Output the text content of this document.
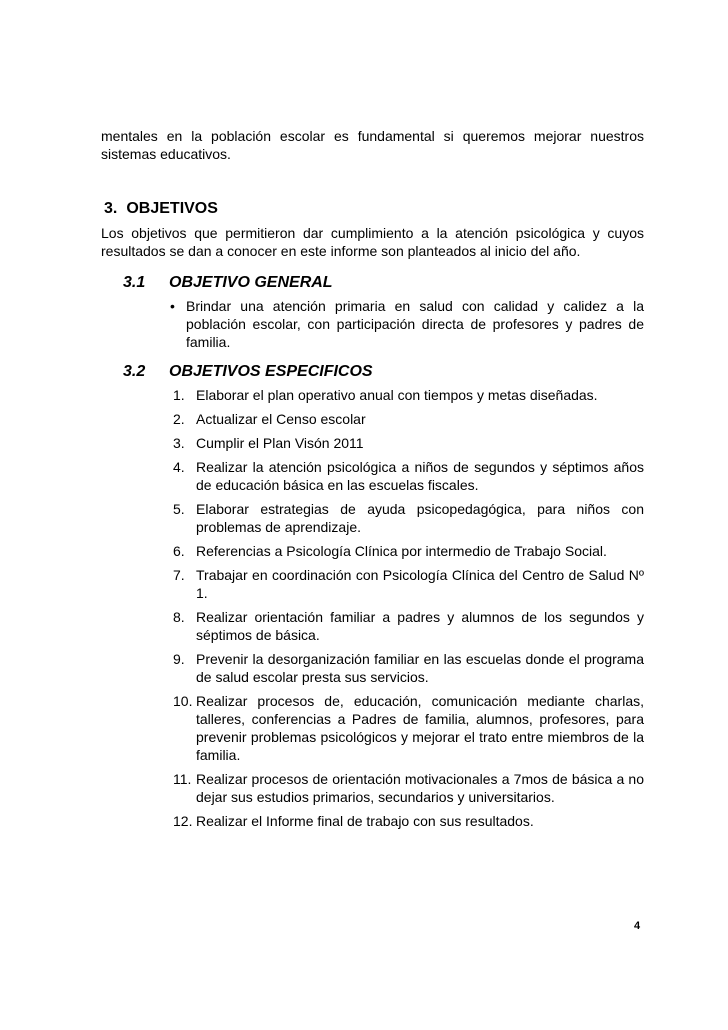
mentales en la población escolar es fundamental si queremos mejorar nuestros sistemas educativos.
3. OBJETIVOS
Los objetivos que permitieron dar cumplimiento a la atención psicológica y cuyos resultados se dan a conocer en este informe son planteados al inicio del año.
3.1 OBJETIVO GENERAL
• Brindar una atención primaria en salud con calidad y calidez a la población escolar, con participación directa de profesores y padres de familia.
3.2 OBJETIVOS ESPECIFICOS
1. Elaborar el plan operativo anual con tiempos y metas diseñadas.
2. Actualizar el Censo escolar
3. Cumplir el Plan Visón 2011
4. Realizar la atención psicológica a niños de segundos y séptimos años de educación básica en las escuelas fiscales.
5. Elaborar estrategias de ayuda psicopedagógica, para niños con problemas de aprendizaje.
6. Referencias a Psicología Clínica por intermedio de Trabajo Social.
7. Trabajar en coordinación con Psicología Clínica del Centro de Salud Nº 1.
8. Realizar orientación familiar a padres y alumnos de los segundos y séptimos de básica.
9. Prevenir la desorganización familiar en las escuelas donde el programa de salud escolar presta sus servicios.
10. Realizar procesos de, educación, comunicación mediante charlas, talleres, conferencias a Padres de familia, alumnos, profesores, para prevenir problemas psicológicos y mejorar el trato entre miembros de la familia.
11. Realizar procesos de orientación motivacionales a 7mos de básica a no dejar sus estudios primarios, secundarios y universitarios.
12. Realizar el Informe final de trabajo con sus resultados.
4
